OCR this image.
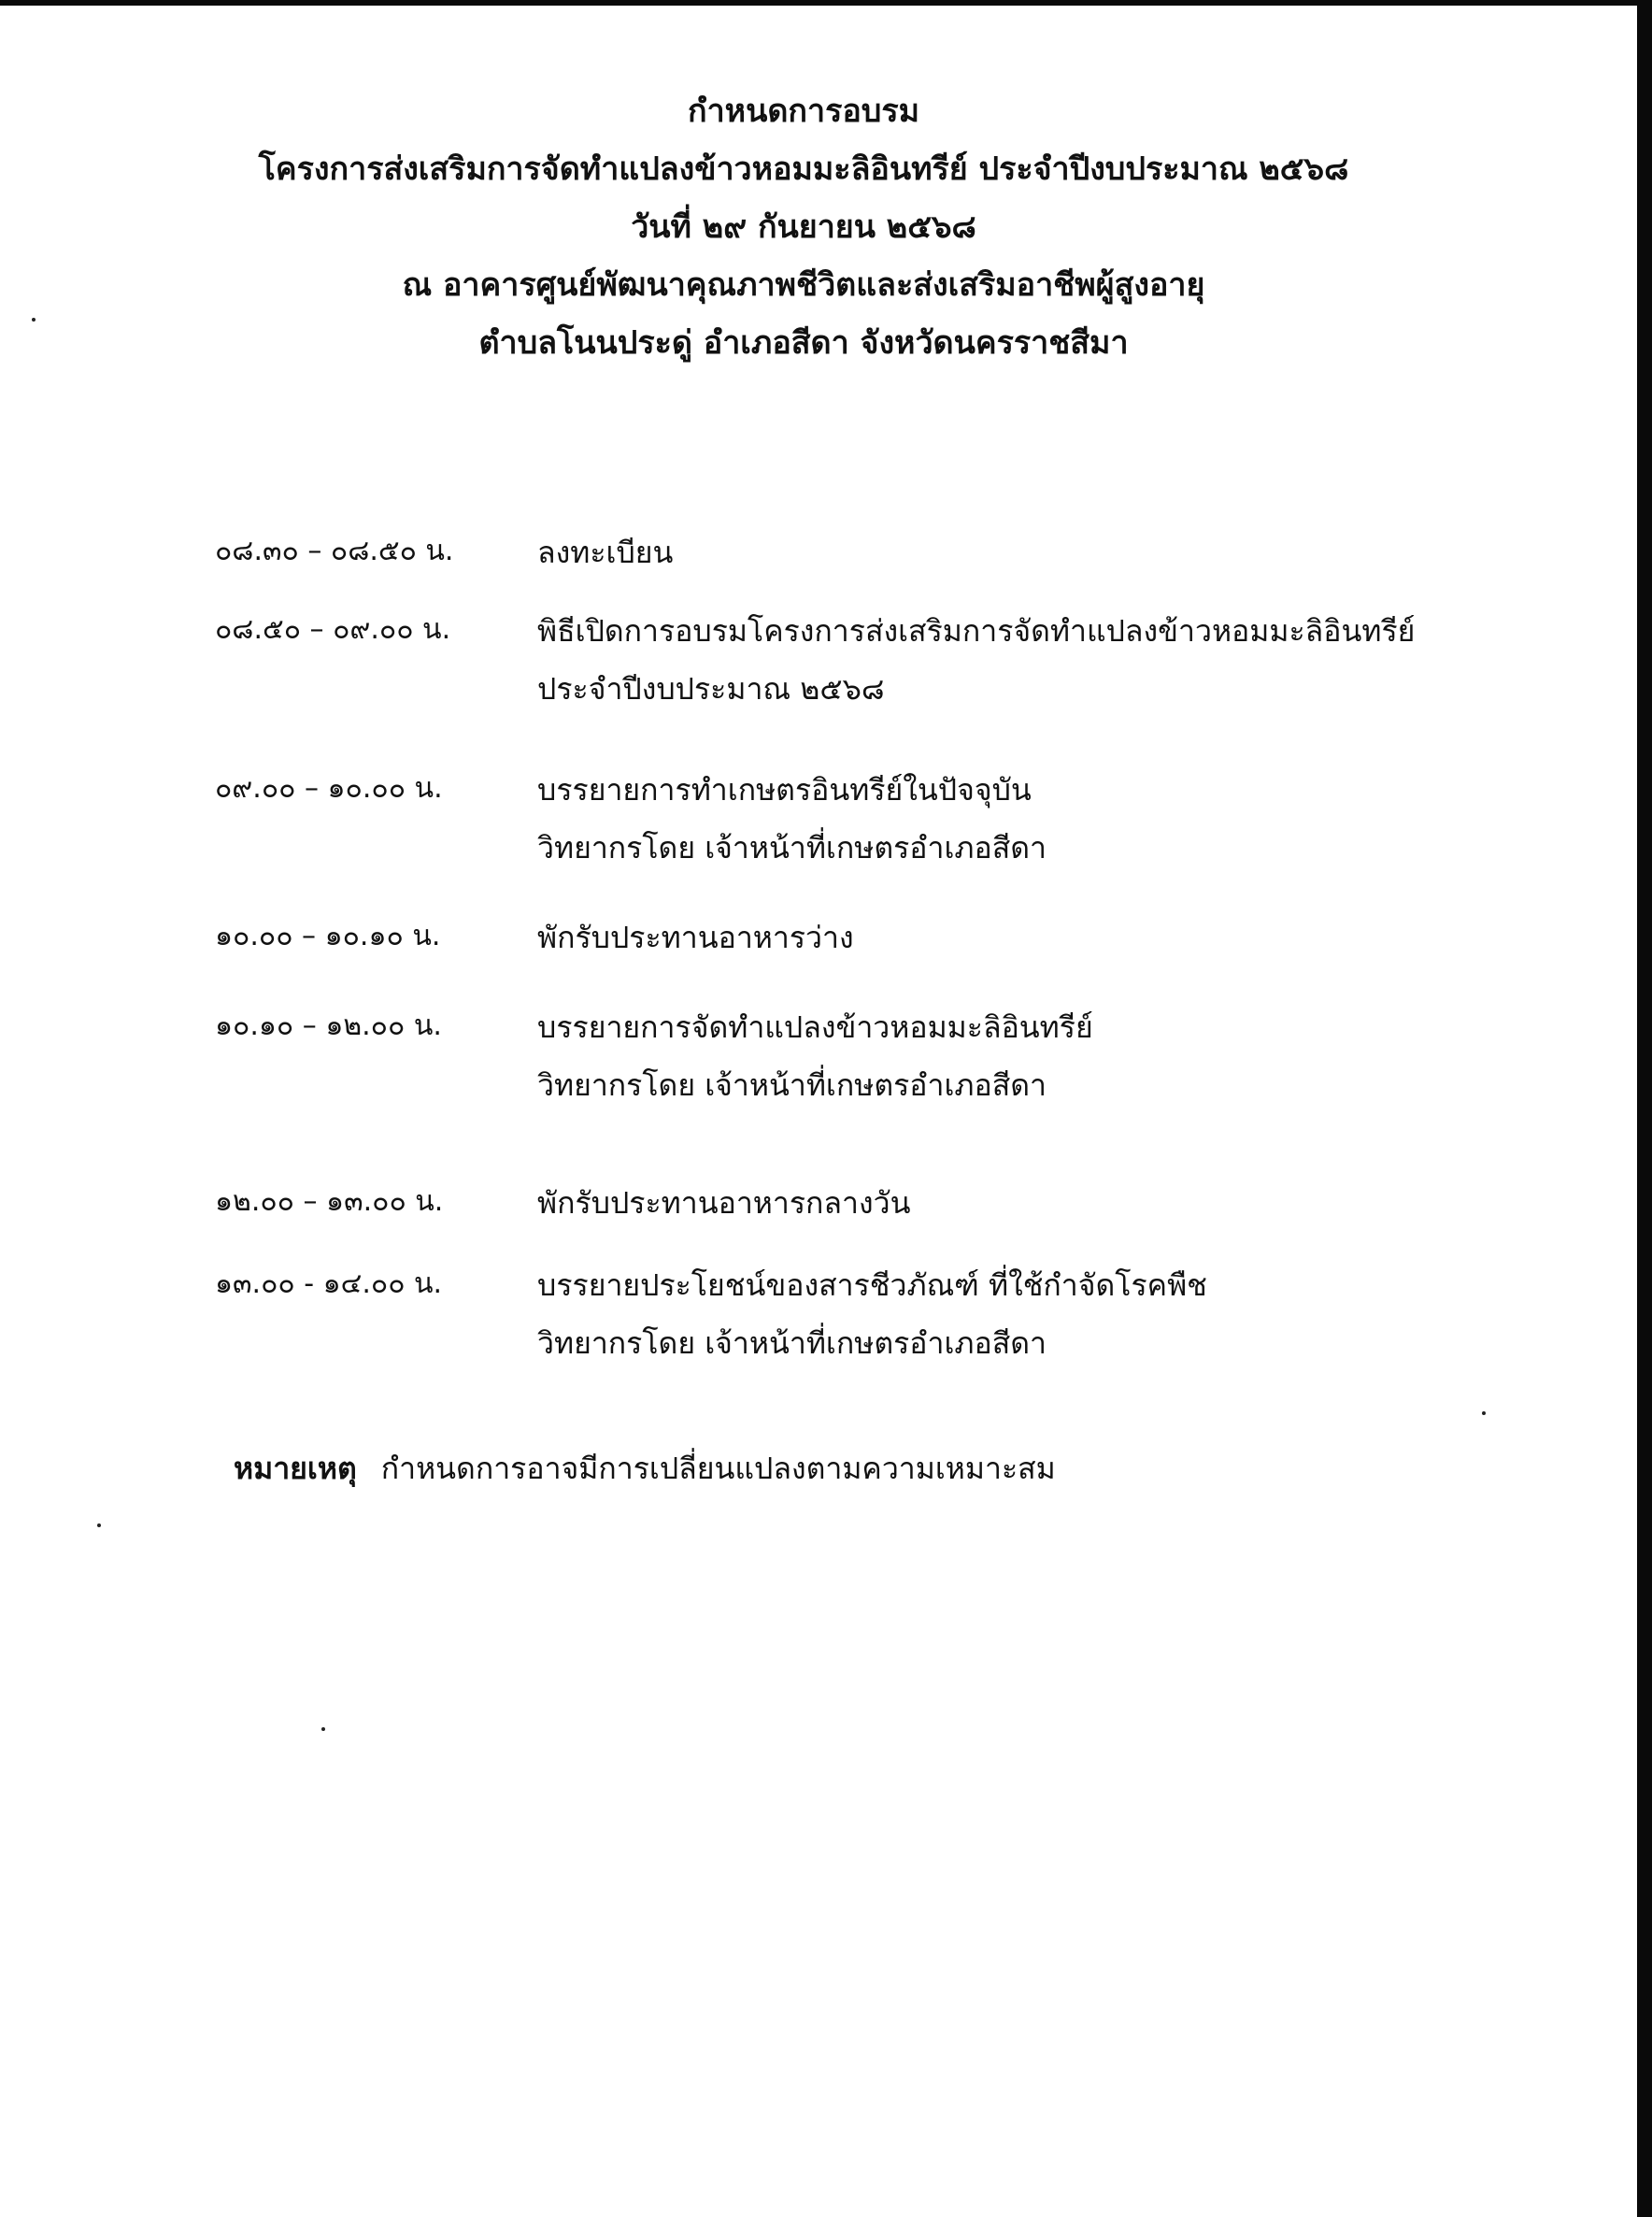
กำหนดการอบรม
โครงการส่งเสริมการจัดทำแปลงข้าวหอมมะลิอินทรีย์ ประจำปีงบประมาณ ๒๕๖๘
วันที่ ๒๙ กันยายน ๒๕๖๘
ณ อาคารศูนย์พัฒนาคุณภาพชีวิตและส่งเสริมอาชีพผู้สูงอายุ
ตำบลโนนประดู่ อำเภอสีดา จังหวัดนครราชสีมา
๐๘.๓๐ – ๐๘.๕๐ น.	ลงทะเบียน
๐๘.๕๐ – ๐๙.๐๐ น.	พิธีเปิดการอบรมโครงการส่งเสริมการจัดทำแปลงข้าวหอมมะลิอินทรีย์
ประจำปีงบประมาณ ๒๕๖๘
๐๙.๐๐ – ๑๐.๐๐ น.	บรรยายการทำเกษตรอินทรีย์ในปัจจุบัน
วิทยากรโดย เจ้าหน้าที่เกษตรอำเภอสีดา
๑๐.๐๐ – ๑๐.๑๐ น.	พักรับประทานอาหารว่าง
๑๐.๑๐ – ๑๒.๐๐ น.	บรรยายการจัดทำแปลงข้าวหอมมะลิอินทรีย์
วิทยากรโดย เจ้าหน้าที่เกษตรอำเภอสีดา
๑๒.๐๐ – ๑๓.๐๐ น.	พักรับประทานอาหารกลางวัน
๑๓.๐๐ - ๑๔.๐๐ น.	บรรยายประโยชน์ของสารชีวภัณฑ์ ที่ใช้กำจัดโรคพืช
วิทยากรโดย เจ้าหน้าที่เกษตรอำเภอสีดา
หมายเหตุ กำหนดการอาจมีการเปลี่ยนแปลงตามความเหมาะสม
